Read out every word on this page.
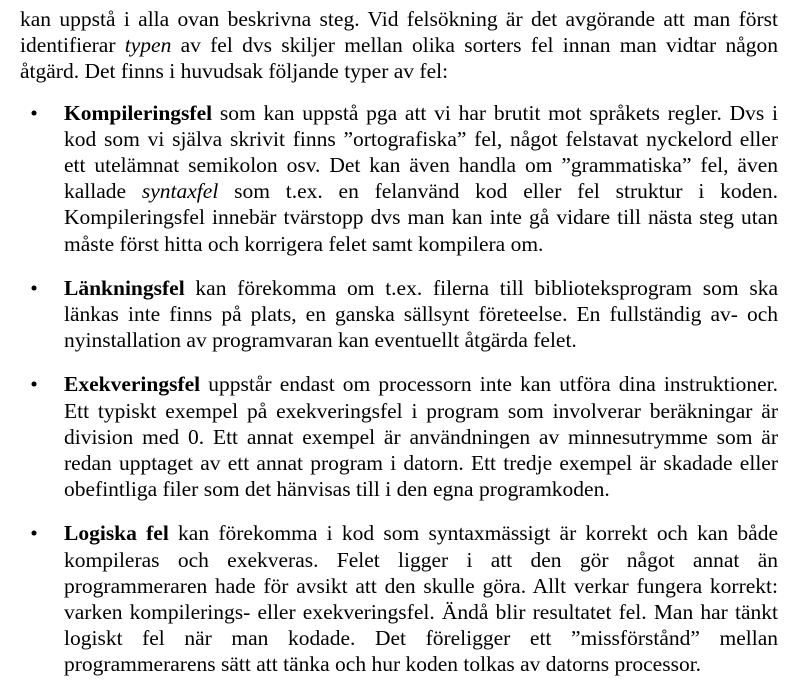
kan uppstå i alla ovan beskrivna steg. Vid felsökning är det avgörande att man först identifierar typen av fel dvs skiljer mellan olika sorters fel innan man vidtar någon åtgärd. Det finns i huvudsak följande typer av fel:

• Kompileringsfel som kan uppstå pga att vi har brutit mot språkets regler. Dvs i kod som vi själva skrivit finns ”ortografiska” fel, något felstavat nyckelord eller ett utelämnat semikolon osv. Det kan även handla om ”grammatiska” fel, även kallade syntaxfel som t.ex. en felanvänd kod eller fel struktur i koden. Kompileringsfel innebär tvärstopp dvs man kan inte gå vidare till nästa steg utan måste först hitta och korrigera felet samt kompilera om.
• Länkningsfel kan förekomma om t.ex. filerna till biblioteksprogram som ska länkas inte finns på plats, en ganska sällsynt företeelse. En fullständig av- och nyinstallation av programvaran kan eventuellt åtgärda felet.
• Exekveringsfel uppstår endast om processorn inte kan utföra dina instruktioner. Ett typiskt exempel på exekveringsfel i program som involverar beräkningar är division med 0. Ett annat exempel är användningen av minnesutrymme som är redan upptaget av ett annat program i datorn. Ett tredje exempel är skadade eller obefintliga filer som det hänvisas till i den egna programkoden.
• Logiska fel kan förekomma i kod som syntaxmässigt är korrekt och kan både kompileras och exekveras. Felet ligger i att den gör något annat än programmeraren hade för avsikt att den skulle göra. Allt verkar fungera korrekt: varken kompilerings- eller exekveringsfel. Ändå blir resultatet fel. Man har tänkt logiskt fel när man kodade. Det föreligger ett ”missförstånd” mellan programmerarens sätt att tänka och hur koden tolkas av datorns processor.
